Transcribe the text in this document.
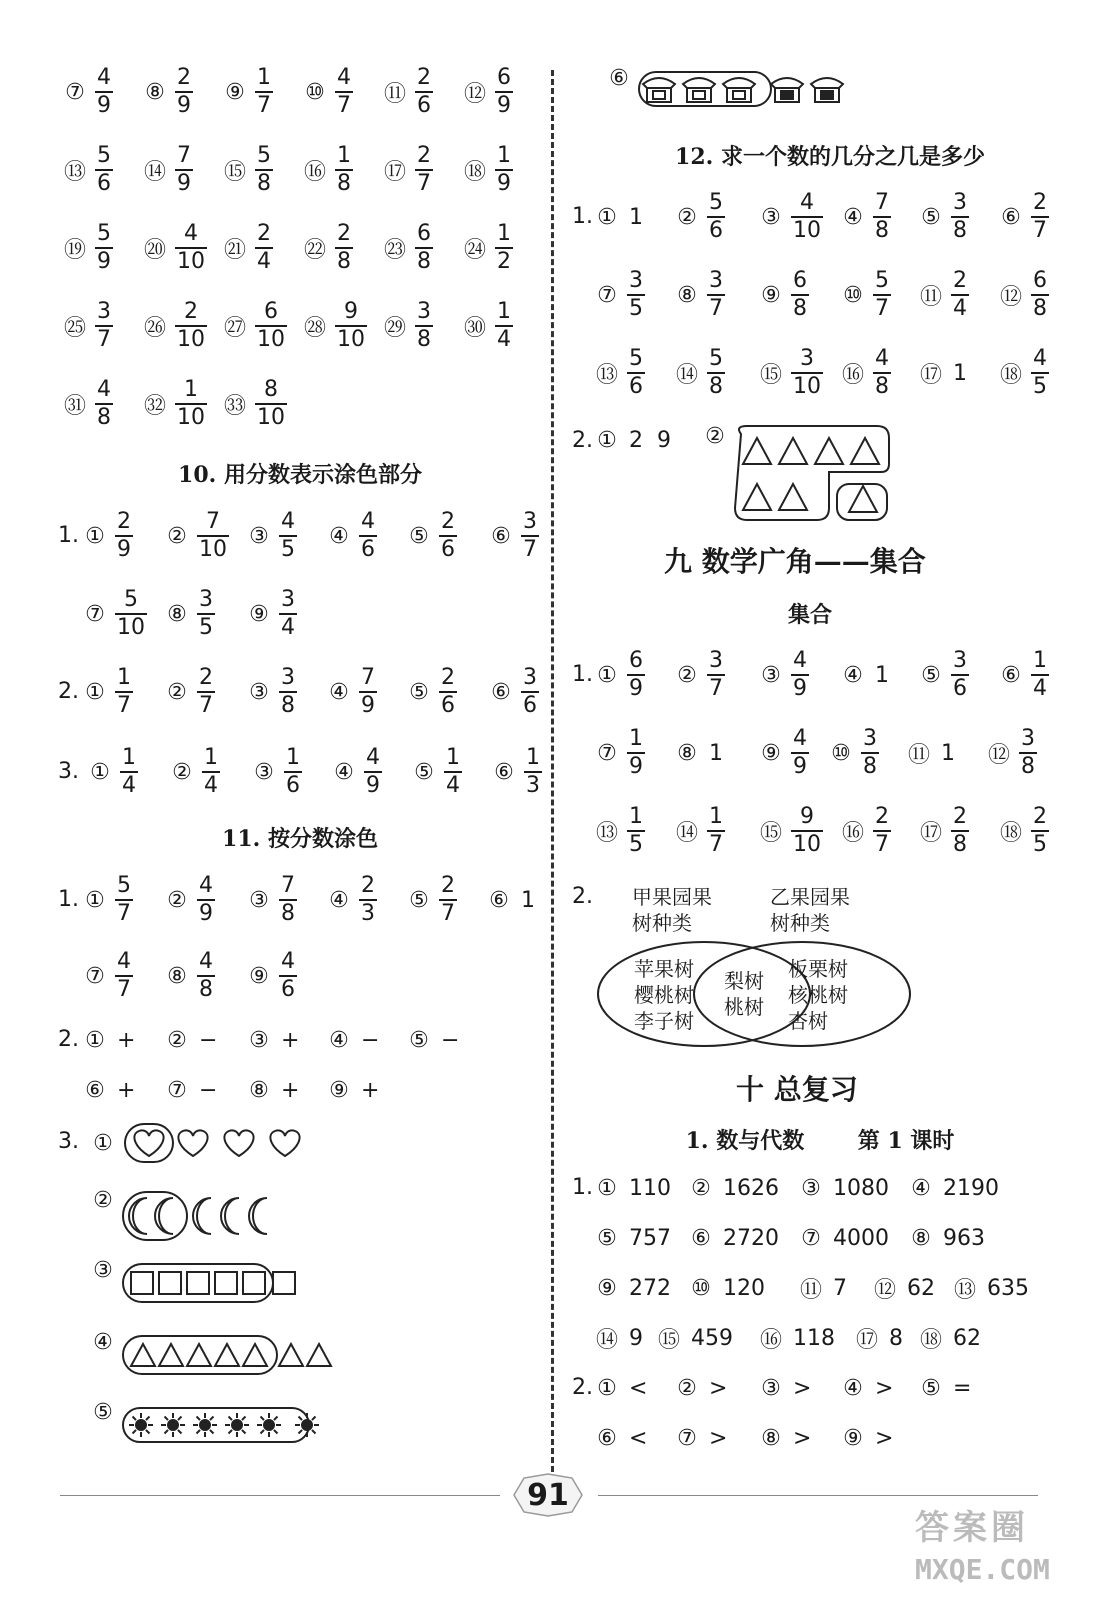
⑦ $\frac{4}{9}$ ⑧ $\frac{2}{9}$ ⑨ $\frac{1}{7}$ ⑩ $\frac{4}{7}$ ⑪ $\frac{2}{6}$ ⑫ $\frac{6}{9}$
⑬ $\frac{5}{6}$ ⑭ $\frac{7}{9}$ ⑮ $\frac{5}{8}$ ⑯ $\frac{1}{8}$ ⑰ $\frac{2}{7}$ ⑱ $\frac{1}{9}$
⑲ $\frac{5}{9}$ ⑳ $\frac{4}{10}$ ㉑ $\frac{2}{4}$ ㉒ $\frac{2}{8}$ ㉓ $\frac{6}{8}$ ㉔ $\frac{1}{2}$
㉕ $\frac{3}{7}$ ㉖ $\frac{2}{10}$ ㉗ $\frac{6}{10}$ ㉘ $\frac{9}{10}$ ㉙ $\frac{3}{8}$ ㉚ $\frac{1}{4}$
㉛ $\frac{4}{8}$ ㉜ $\frac{1}{10}$ ㉝ $\frac{8}{10}$
10. 用分数表示涂色部分
1. ① $\frac{2}{9}$ ② $\frac{7}{10}$ ③ $\frac{4}{5}$ ④ $\frac{4}{6}$ ⑤ $\frac{2}{6}$ ⑥ $\frac{3}{7}$
⑦ $\frac{5}{10}$ ⑧ $\frac{3}{5}$ ⑨ $\frac{3}{4}$
2. ① $\frac{1}{7}$ ② $\frac{2}{7}$ ③ $\frac{3}{8}$ ④ $\frac{7}{9}$ ⑤ $\frac{2}{6}$ ⑥ $\frac{3}{6}$
3. ① $\frac{1}{4}$ ② $\frac{1}{4}$ ③ $\frac{1}{6}$ ④ $\frac{4}{9}$ ⑤ $\frac{1}{4}$ ⑥ $\frac{1}{3}$
11. 按分数涂色
1. ① $\frac{5}{7}$ ② $\frac{4}{9}$ ③ $\frac{7}{8}$ ④ $\frac{2}{3}$ ⑤ $\frac{2}{7}$ ⑥ 1
⑦ $\frac{4}{7}$ ⑧ $\frac{4}{8}$ ⑨ $\frac{4}{6}$
2. ① + ② − ③ + ④ − ⑤ −
⑥ + ⑦ − ⑧ + ⑨ +
3. ①
②
③
④
⑤
⑥
12. 求一个数的几分之几是多少
1. ① 1 ② $\frac{5}{6}$ ③ $\frac{4}{10}$ ④ $\frac{7}{8}$ ⑤ $\frac{3}{8}$ ⑥ $\frac{2}{7}$
⑦ $\frac{3}{5}$ ⑧ $\frac{3}{7}$ ⑨ $\frac{6}{8}$ ⑩ $\frac{5}{7}$ ⑪ $\frac{2}{4}$ ⑫ $\frac{6}{8}$
⑬ $\frac{5}{6}$ ⑭ $\frac{5}{8}$ ⑮ $\frac{3}{10}$ ⑯ $\frac{4}{8}$ ⑰ 1 ⑱ $\frac{4}{5}$
2. ① 2  9 ②
九 数学广角——集合
集合
1. ① $\frac{6}{9}$ ② $\frac{3}{7}$ ③ $\frac{4}{9}$ ④ 1 ⑤ $\frac{3}{6}$ ⑥ $\frac{1}{4}$
⑦ $\frac{1}{9}$ ⑧ 1 ⑨ $\frac{4}{9}$ ⑩ $\frac{3}{8}$ ⑪ 1 ⑫ $\frac{3}{8}$
⑬ $\frac{1}{5}$ ⑭ $\frac{1}{7}$ ⑮ $\frac{9}{10}$ ⑯ $\frac{2}{7}$ ⑰ $\frac{2}{8}$ ⑱ $\frac{2}{5}$
2. 甲果园果
树种类
乙果园果
树种类
苹果树
樱桃树
李子树
梨树
桃树
板栗树
核桃树
杏树
十 总复习
1. 数与代数       第 1 课时
1. ① 110 ② 1626 ③ 1080 ④ 2190
⑤ 757 ⑥ 2720 ⑦ 4000 ⑧ 963
⑨ 272 ⑩ 120 ⑪ 7 ⑫ 62 ⑬ 635
⑭ 9 ⑮ 459 ⑯ 118 ⑰ 8 ⑱ 62
2. ① < ② > ③ > ④ > ⑤ =
⑥ < ⑦ > ⑧ > ⑨ >
91
答案圈
MXQE.COM
